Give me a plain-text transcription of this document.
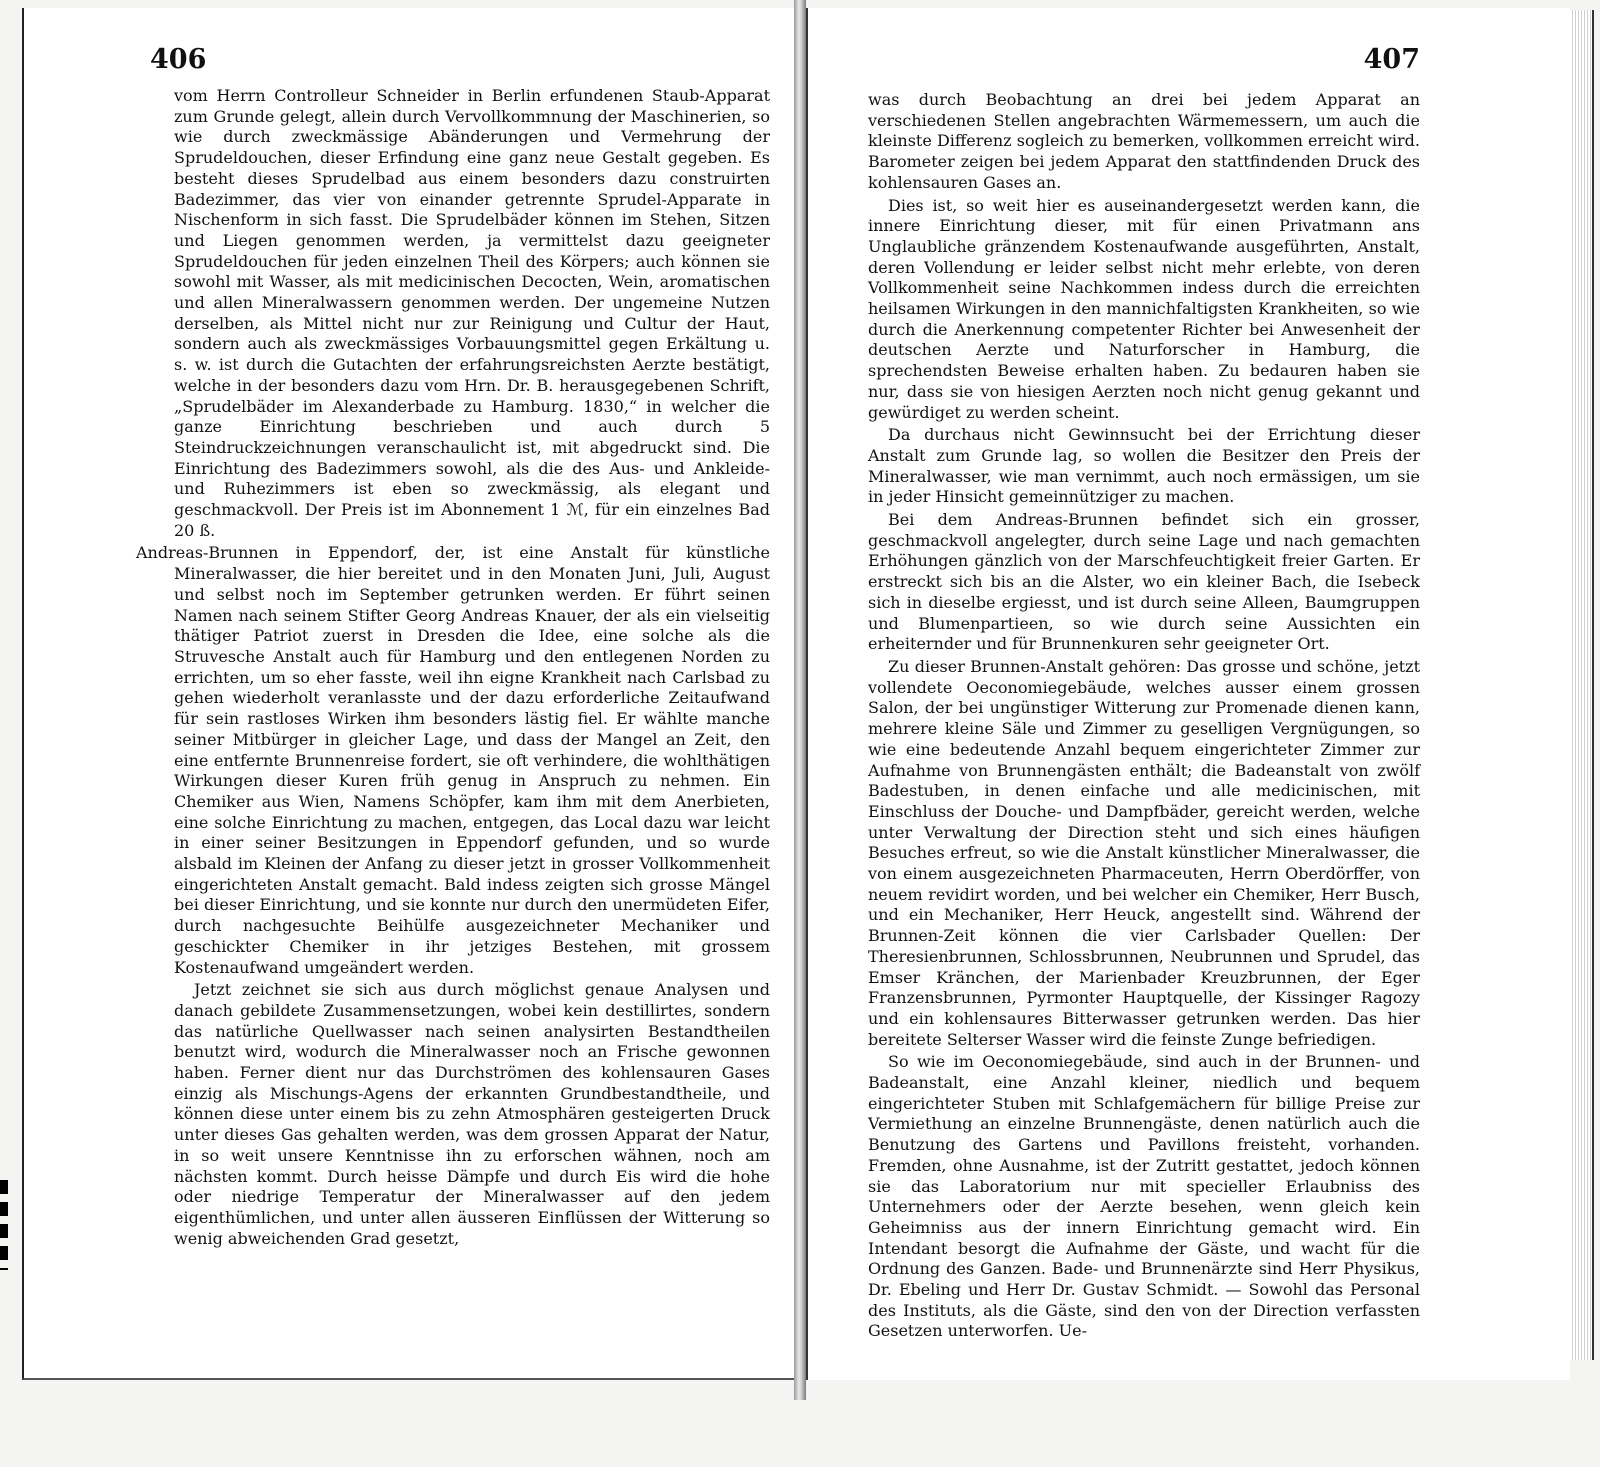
406

vom Herrn Controlleur Schneider in Berlin erfundenen Staub-Apparat zum Grunde gelegt, allein durch Vervollkommnung der Maschinerien, so wie durch zweckmässige Abänderungen und Vermehrung der Sprudeldouchen, dieser Erfindung eine ganz neue Gestalt gegeben. Es besteht dieses Sprudelbad aus einem besonders dazu construirten Badezimmer, das vier von einander getrennte Sprudel-Apparate in Nischenform in sich fasst. Die Sprudelbäder können im Stehen, Sitzen und Liegen genommen werden, ja vermittelst dazu geeigneter Sprudeldouchen für jeden einzelnen Theil des Körpers; auch können sie sowohl mit Wasser, als mit medicinischen Decocten, Wein, aromatischen und allen Mineralwassern genommen werden. Der ungemeine Nutzen derselben, als Mittel nicht nur zur Reinigung und Cultur der Haut, sondern auch als zweckmässiges Vorbauungsmittel gegen Erkältung u. s. w. ist durch die Gutachten der erfahrungsreichsten Aerzte bestätigt, welche in der besonders dazu vom Hrn. Dr. B. herausgegebenen Schrift, „Sprudelbäder im Alexanderbade zu Hamburg. 1830,“ in welcher die ganze Einrichtung beschrieben und auch durch 5 Steindruckzeichnungen veranschaulicht ist, mit abgedruckt sind. Die Einrichtung des Badezimmers sowohl, als die des Aus- und Ankleide- und Ruhezimmers ist eben so zweckmässig, als elegant und geschmackvoll. Der Preis ist im Abonnement 1 ℳ, für ein einzelnes Bad 20 ß.

Andreas-Brunnen in Eppendorf, der, ist eine Anstalt für künstliche Mineralwasser, die hier bereitet und in den Monaten Juni, Juli, August und selbst noch im September getrunken werden. Er führt seinen Namen nach seinem Stifter Georg Andreas Knauer, der als ein vielseitig thätiger Patriot zuerst in Dresden die Idee, eine solche als die Struvesche Anstalt auch für Hamburg und den entlegenen Norden zu errichten, um so eher fasste, weil ihn eigne Krankheit nach Carlsbad zu gehen wiederholt veranlasste und der dazu erforderliche Zeitaufwand für sein rastloses Wirken ihm besonders lästig fiel. Er wählte manche seiner Mitbürger in gleicher Lage, und dass der Mangel an Zeit, den eine entfernte Brunnenreise fordert, sie oft verhindere, die wohlthätigen Wirkungen dieser Kuren früh genug in Anspruch zu nehmen. Ein Chemiker aus Wien, Namens Schöpfer, kam ihm mit dem Anerbieten, eine solche Einrichtung zu machen, entgegen, das Local dazu war leicht in einer seiner Besitzungen in Eppendorf gefunden, und so wurde alsbald im Kleinen der Anfang zu dieser jetzt in grosser Vollkommenheit eingerichteten Anstalt gemacht. Bald indess zeigten sich grosse Mängel bei dieser Einrichtung, und sie konnte nur durch den unermüdeten Eifer, durch nachgesuchte Beihülfe ausgezeichneter Mechaniker und geschickter Chemiker in ihr jetziges Bestehen, mit grossem Kostenaufwand umgeändert werden.

Jetzt zeichnet sie sich aus durch möglichst genaue Analysen und danach gebildete Zusammensetzungen, wobei kein destillirtes, sondern das natürliche Quellwasser nach seinen analysirten Bestandtheilen benutzt wird, wodurch die Mineralwasser noch an Frische gewonnen haben. Ferner dient nur das Durchströmen des kohlensauren Gases einzig als Mischungs-Agens der erkannten Grundbestandtheile, und können diese unter einem bis zu zehn Atmosphären gesteigerten Druck unter dieses Gas gehalten werden, was dem grossen Apparat der Natur, in so weit unsere Kenntnisse ihn zu erforschen wähnen, noch am nächsten kommt. Durch heisse Dämpfe und durch Eis wird die hohe oder niedrige Temperatur der Mineralwasser auf den jedem eigenthümlichen, und unter allen äusseren Einflüssen der Witterung so wenig abweichenden Grad gesetzt,

407

was durch Beobachtung an drei bei jedem Apparat an verschiedenen Stellen angebrachten Wärmemessern, um auch die kleinste Differenz sogleich zu bemerken, vollkommen erreicht wird. Barometer zeigen bei jedem Apparat den stattfindenden Druck des kohlensauren Gases an.

Dies ist, so weit hier es auseinandergesetzt werden kann, die innere Einrichtung dieser, mit für einen Privatmann ans Unglaubliche gränzendem Kostenaufwande ausgeführten, Anstalt, deren Vollendung er leider selbst nicht mehr erlebte, von deren Vollkommenheit seine Nachkommen indess durch die erreichten heilsamen Wirkungen in den mannichfaltigsten Krankheiten, so wie durch die Anerkennung competenter Richter bei Anwesenheit der deutschen Aerzte und Naturforscher in Hamburg, die sprechendsten Beweise erhalten haben. Zu bedauren haben sie nur, dass sie von hiesigen Aerzten noch nicht genug gekannt und gewürdiget zu werden scheint.

Da durchaus nicht Gewinnsucht bei der Errichtung dieser Anstalt zum Grunde lag, so wollen die Besitzer den Preis der Mineralwasser, wie man vernimmt, auch noch ermässigen, um sie in jeder Hinsicht gemeinnütziger zu machen.

Bei dem Andreas-Brunnen befindet sich ein grosser, geschmackvoll angelegter, durch seine Lage und nach gemachten Erhöhungen gänzlich von der Marschfeuchtigkeit freier Garten. Er erstreckt sich bis an die Alster, wo ein kleiner Bach, die Isebeck sich in dieselbe ergiesst, und ist durch seine Alleen, Baumgruppen und Blumenpartieen, so wie durch seine Aussichten ein erheiternder und für Brunnenkuren sehr geeigneter Ort.

Zu dieser Brunnen-Anstalt gehören: Das grosse und schöne, jetzt vollendete Oeconomiegebäude, welches ausser einem grossen Salon, der bei ungünstiger Witterung zur Promenade dienen kann, mehrere kleine Säle und Zimmer zu geselligen Vergnügungen, so wie eine bedeutende Anzahl bequem eingerichteter Zimmer zur Aufnahme von Brunnengästen enthält; die Badeanstalt von zwölf Badestuben, in denen einfache und alle medicinischen, mit Einschluss der Douche- und Dampfbäder, gereicht werden, welche unter Verwaltung der Direction steht und sich eines häufigen Besuches erfreut, so wie die Anstalt künstlicher Mineralwasser, die von einem ausgezeichneten Pharmaceuten, Herrn Oberdörffer, von neuem revidirt worden, und bei welcher ein Chemiker, Herr Busch, und ein Mechaniker, Herr Heuck, angestellt sind. Während der Brunnen-Zeit können die vier Carlsbader Quellen: Der Theresienbrunnen, Schlossbrunnen, Neubrunnen und Sprudel, das Emser Kränchen, der Marienbader Kreuzbrunnen, der Eger Franzensbrunnen, Pyrmonter Hauptquelle, der Kissinger Ragozy und ein kohlensaures Bitterwasser getrunken werden. Das hier bereitete Selterser Wasser wird die feinste Zunge befriedigen.

So wie im Oeconomiegebäude, sind auch in der Brunnen- und Badeanstalt, eine Anzahl kleiner, niedlich und bequem eingerichteter Stuben mit Schlafgemächern für billige Preise zur Vermiethung an einzelne Brunnengäste, denen natürlich auch die Benutzung des Gartens und Pavillons freisteht, vorhanden. Fremden, ohne Ausnahme, ist der Zutritt gestattet, jedoch können sie das Laboratorium nur mit specieller Erlaubniss des Unternehmers oder der Aerzte besehen, wenn gleich kein Geheimniss aus der innern Einrichtung gemacht wird. Ein Intendant besorgt die Aufnahme der Gäste, und wacht für die Ordnung des Ganzen. Bade- und Brunnenärzte sind Herr Physikus, Dr. Ebeling und Herr Dr. Gustav Schmidt. — Sowohl das Personal des Instituts, als die Gäste, sind den von der Direction verfassten Gesetzen unterworfen. Ue-
